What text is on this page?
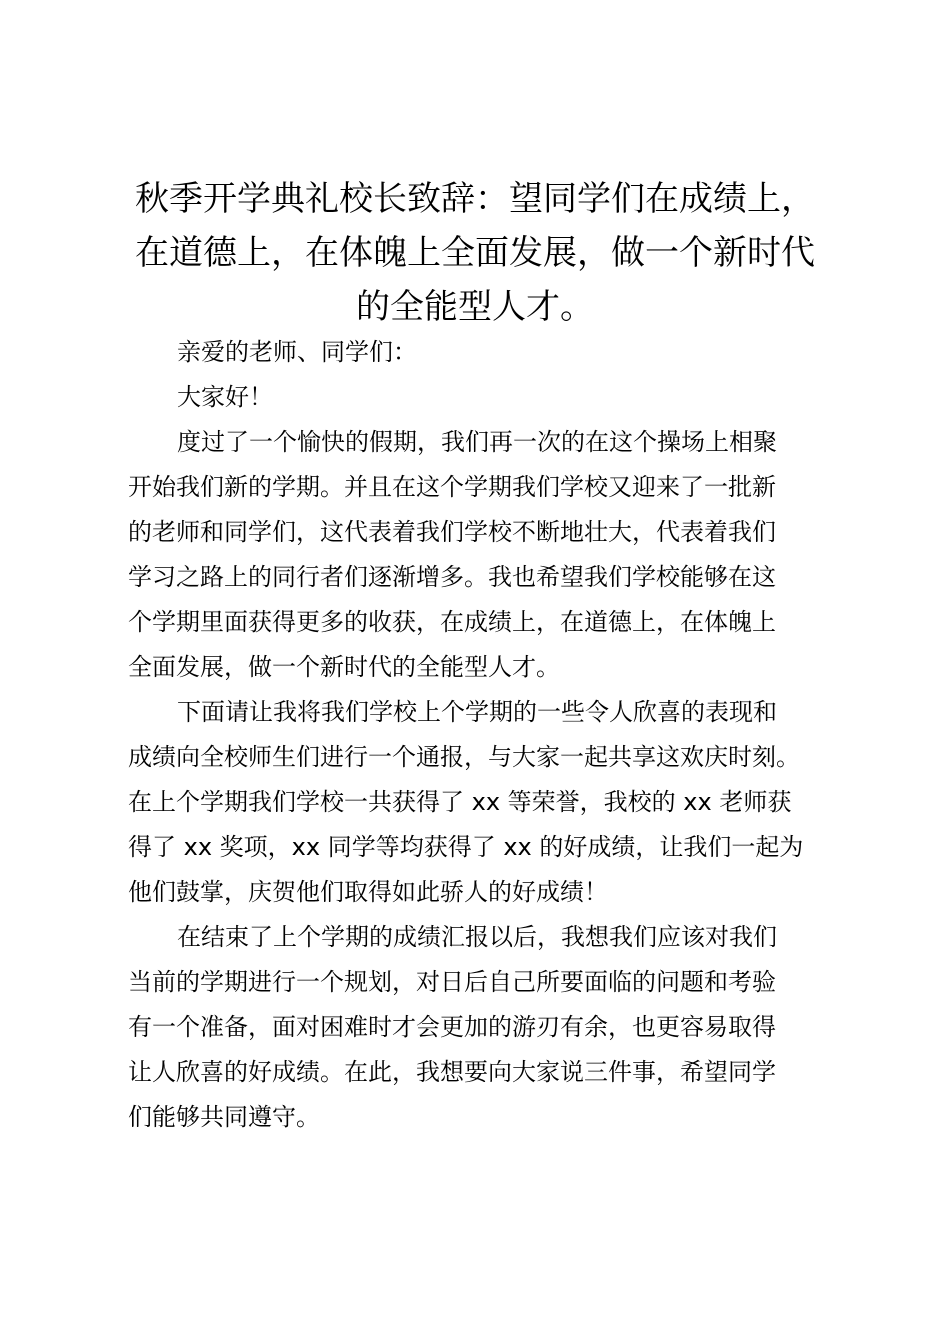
秋季开学典礼校长致辞：望同学们在成绩上，
在道德上，在体魄上全面发展，做一个新时代
的全能型人才。
亲爱的老师、同学们：
大家好！
度过了一个愉快的假期，我们再一次的在这个操场上相聚
开始我们新的学期。并且在这个学期我们学校又迎来了一批新
的老师和同学们，这代表着我们学校不断地壮大，代表着我们
学习之路上的同行者们逐渐增多。我也希望我们学校能够在这
个学期里面获得更多的收获，在成绩上，在道德上，在体魄上
全面发展，做一个新时代的全能型人才。
下面请让我将我们学校上个学期的一些令人欣喜的表现和
成绩向全校师生们进行一个通报，与大家一起共享这欢庆时刻。
在上个学期我们学校一共获得了 xx 等荣誉，我校的 xx 老师获
得了 xx 奖项，xx 同学等均获得了 xx 的好成绩，让我们一起为
他们鼓掌，庆贺他们取得如此骄人的好成绩！
在结束了上个学期的成绩汇报以后，我想我们应该对我们
当前的学期进行一个规划，对日后自己所要面临的问题和考验
有一个准备，面对困难时才会更加的游刃有余，也更容易取得
让人欣喜的好成绩。在此，我想要向大家说三件事，希望同学
们能够共同遵守。
